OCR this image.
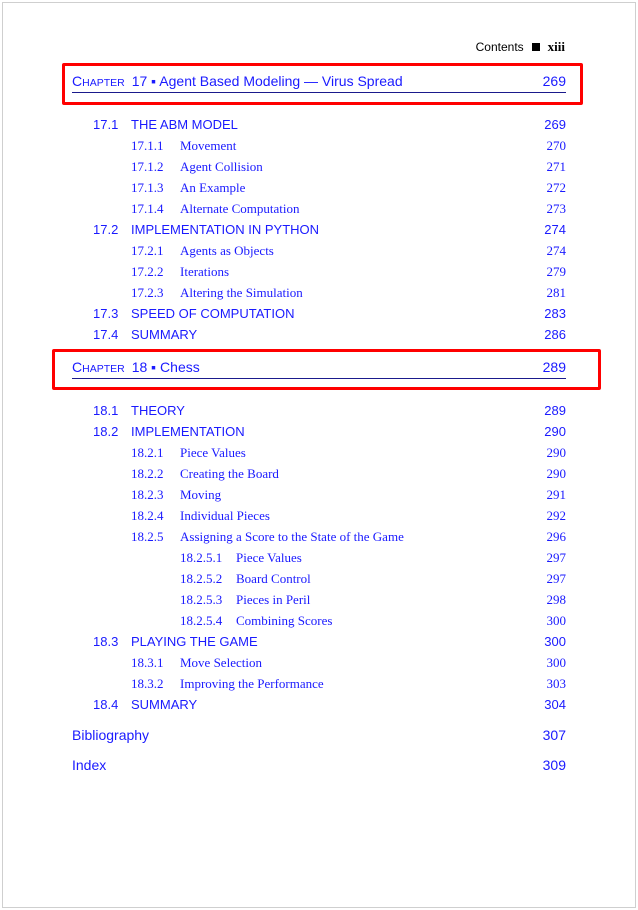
Contents xiii
CHAPTER  17 ▪ Agent Based Modeling — Virus Spread	269
17.1 THE ABM MODEL	269
17.1.1 Movement	270
17.1.2 Agent Collision	271
17.1.3 An Example	272
17.1.4 Alternate Computation	273
17.2 IMPLEMENTATION IN PYTHON	274
17.2.1 Agents as Objects	274
17.2.2 Iterations	279
17.2.3 Altering the Simulation	281
17.3 SPEED OF COMPUTATION	283
17.4 SUMMARY	286
CHAPTER  18 ▪ Chess	289
18.1 THEORY	289
18.2 IMPLEMENTATION	290
18.2.1 Piece Values	290
18.2.2 Creating the Board	290
18.2.3 Moving	291
18.2.4 Individual Pieces	292
18.2.5 Assigning a Score to the State of the Game	296
18.2.5.1 Piece Values	297
18.2.5.2 Board Control	297
18.2.5.3 Pieces in Peril	298
18.2.5.4 Combining Scores	300
18.3 PLAYING THE GAME	300
18.3.1 Move Selection	300
18.3.2 Improving the Performance	303
18.4 SUMMARY	304
Bibliography	307
Index	309
